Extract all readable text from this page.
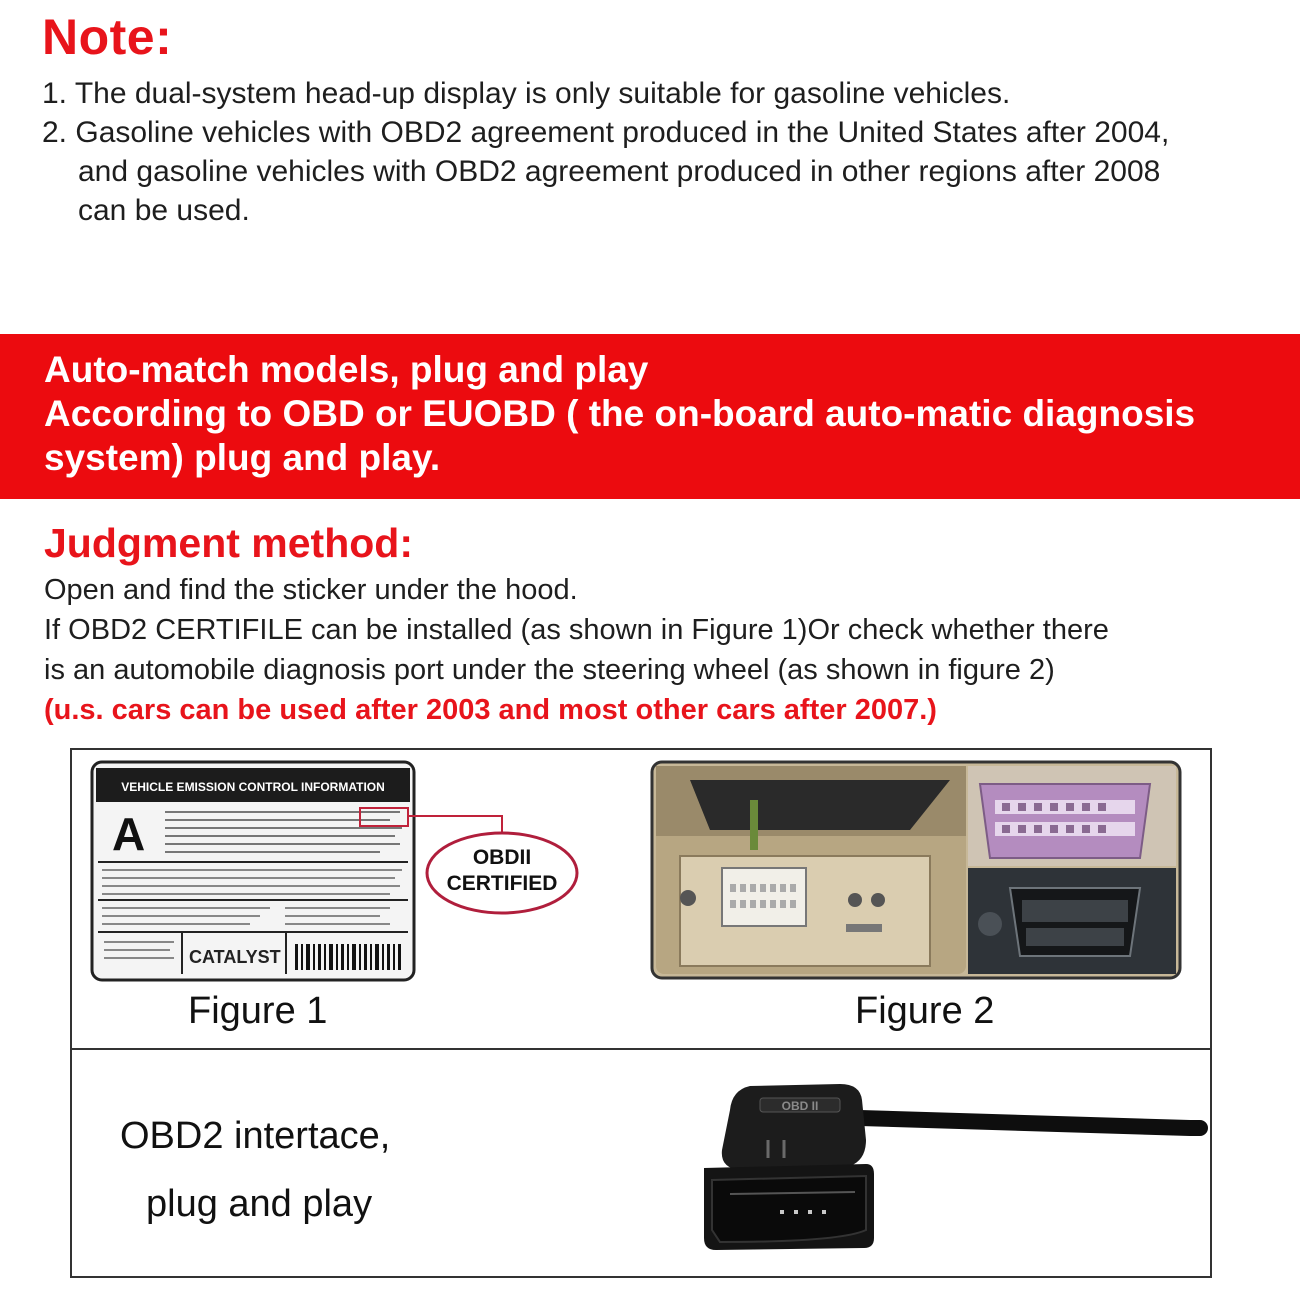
Note:
1. The dual-system head-up display is only suitable for gasoline vehicles.
2. Gasoline vehicles with OBD2 agreement produced in the United States after 2004,
and gasoline vehicles with OBD2 agreement produced in other regions after 2008
can be used.
Auto-match models, plug and play
According to OBD or EUOBD ( the on-board auto-matic diagnosis
system) plug and play.
Judgment method:
Open and find the sticker under the hood.
If OBD2 CERTIFILE can be installed (as shown in Figure 1)Or check whether there
is an automobile diagnosis port under the steering wheel (as shown in figure 2)
(u.s. cars can be used after 2003 and most other cars after 2007.)
VEHICLE EMISSION CONTROL INFORMATION
A
CATALYST
OBDII
CERTIFIED
Figure 1	Figure 2
OBD2 intertace,
plug and play
OBD II
